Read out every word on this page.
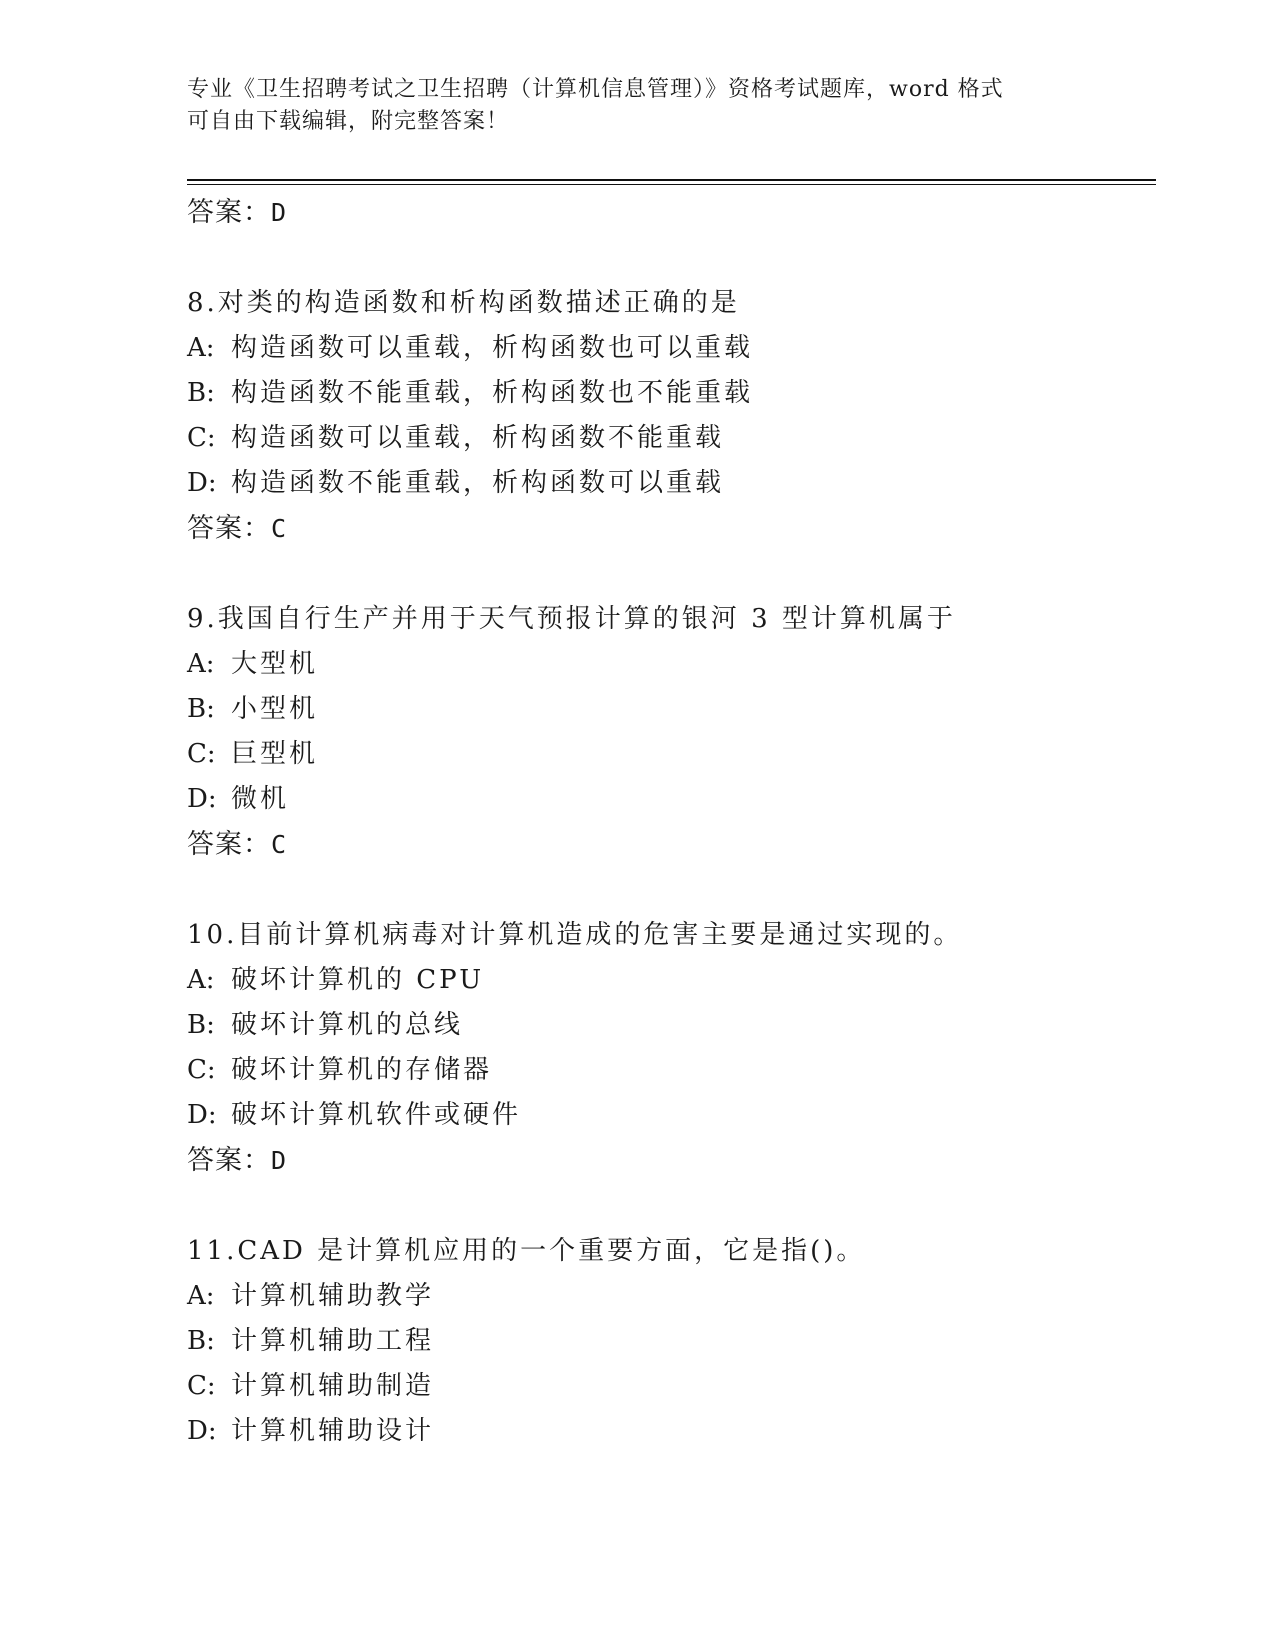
专业《卫生招聘考试之卫生招聘（计算机信息管理）》资格考试题库，word 格式
可自由下载编辑，附完整答案！
答案：D
8.对类的构造函数和析构函数描述正确的是
A: 构造函数可以重载，析构函数也可以重载
B: 构造函数不能重载，析构函数也不能重载
C: 构造函数可以重载，析构函数不能重载
D: 构造函数不能重载，析构函数可以重载
答案：C
9.我国自行生产并用于天气预报计算的银河 3 型计算机属于
A: 大型机
B: 小型机
C: 巨型机
D: 微机
答案：C
10.目前计算机病毒对计算机造成的危害主要是通过实现的。
A: 破坏计算机的 CPU
B: 破坏计算机的总线
C: 破坏计算机的存储器
D: 破坏计算机软件或硬件
答案：D
11.CAD 是计算机应用的一个重要方面，它是指()。
A: 计算机辅助教学
B: 计算机辅助工程
C: 计算机辅助制造
D: 计算机辅助设计
